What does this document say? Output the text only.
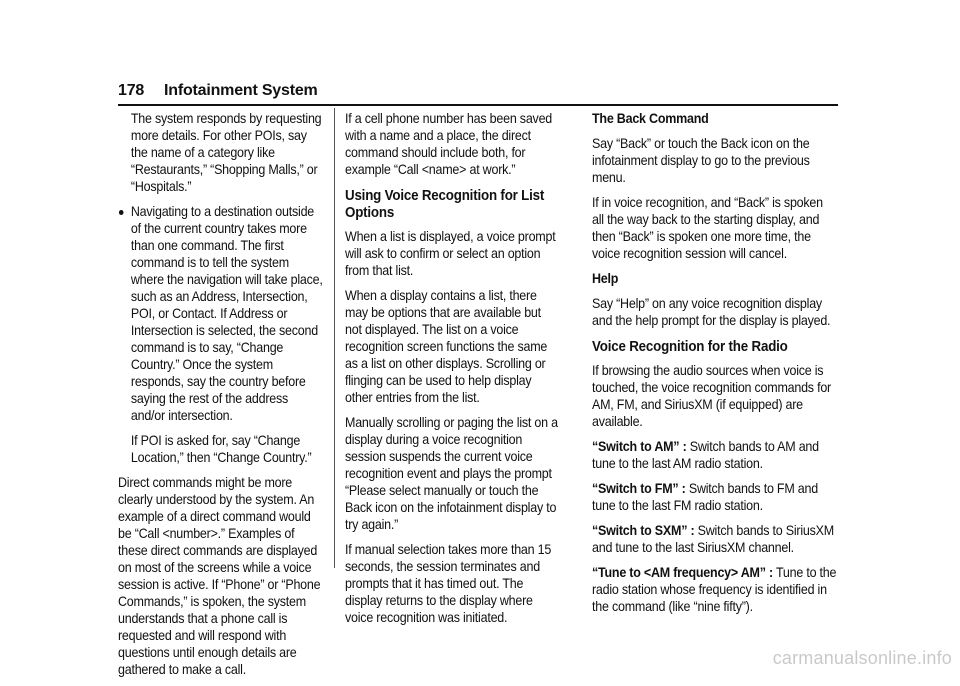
178 Infotainment System

The system responds by requesting more details. For other POIs, say the name of a category like “Restaurants,” “Shopping Malls,” or “Hospitals.”

Navigating to a destination outside of the current country takes more than one command. The first command is to tell the system where the navigation will take place, such as an Address, Intersection, POI, or Contact. If Address or Intersection is selected, the second command is to say, “Change Country.” Once the system responds, say the country before saying the rest of the address and/or intersection.

If POI is asked for, say “Change Location,” then “Change Country.”

Direct commands might be more clearly understood by the system. An example of a direct command would be “Call <number>.” Examples of these direct commands are displayed on most of the screens while a voice session is active. If “Phone” or “Phone Commands,” is spoken, the system understands that a phone call is requested and will respond with questions until enough details are gathered to make a call.

If a cell phone number has been saved with a name and a place, the direct command should include both, for example “Call <name> at work.”

Using Voice Recognition for List Options

When a list is displayed, a voice prompt will ask to confirm or select an option from that list.

When a display contains a list, there may be options that are available but not displayed. The list on a voice recognition screen functions the same as a list on other displays. Scrolling or flinging can be used to help display other entries from the list.

Manually scrolling or paging the list on a display during a voice recognition session suspends the current voice recognition event and plays the prompt “Please select manually or touch the Back icon on the infotainment display to try again.”

If manual selection takes more than 15 seconds, the session terminates and prompts that it has timed out. The display returns to the display where voice recognition was initiated.

The Back Command

Say “Back” or touch the Back icon on the infotainment display to go to the previous menu.

If in voice recognition, and “Back” is spoken all the way back to the starting display, and then “Back” is spoken one more time, the voice recognition session will cancel.

Help

Say “Help” on any voice recognition display and the help prompt for the display is played.

Voice Recognition for the Radio

If browsing the audio sources when voice is touched, the voice recognition commands for AM, FM, and SiriusXM (if equipped) are available.

“Switch to AM” : Switch bands to AM and tune to the last AM radio station.

“Switch to FM” : Switch bands to FM and tune to the last FM radio station.

“Switch to SXM” : Switch bands to SiriusXM and tune to the last SiriusXM channel.

“Tune to <AM frequency> AM” : Tune to the radio station whose frequency is identified in the command (like “nine fifty”).

carmanualsonline.info
